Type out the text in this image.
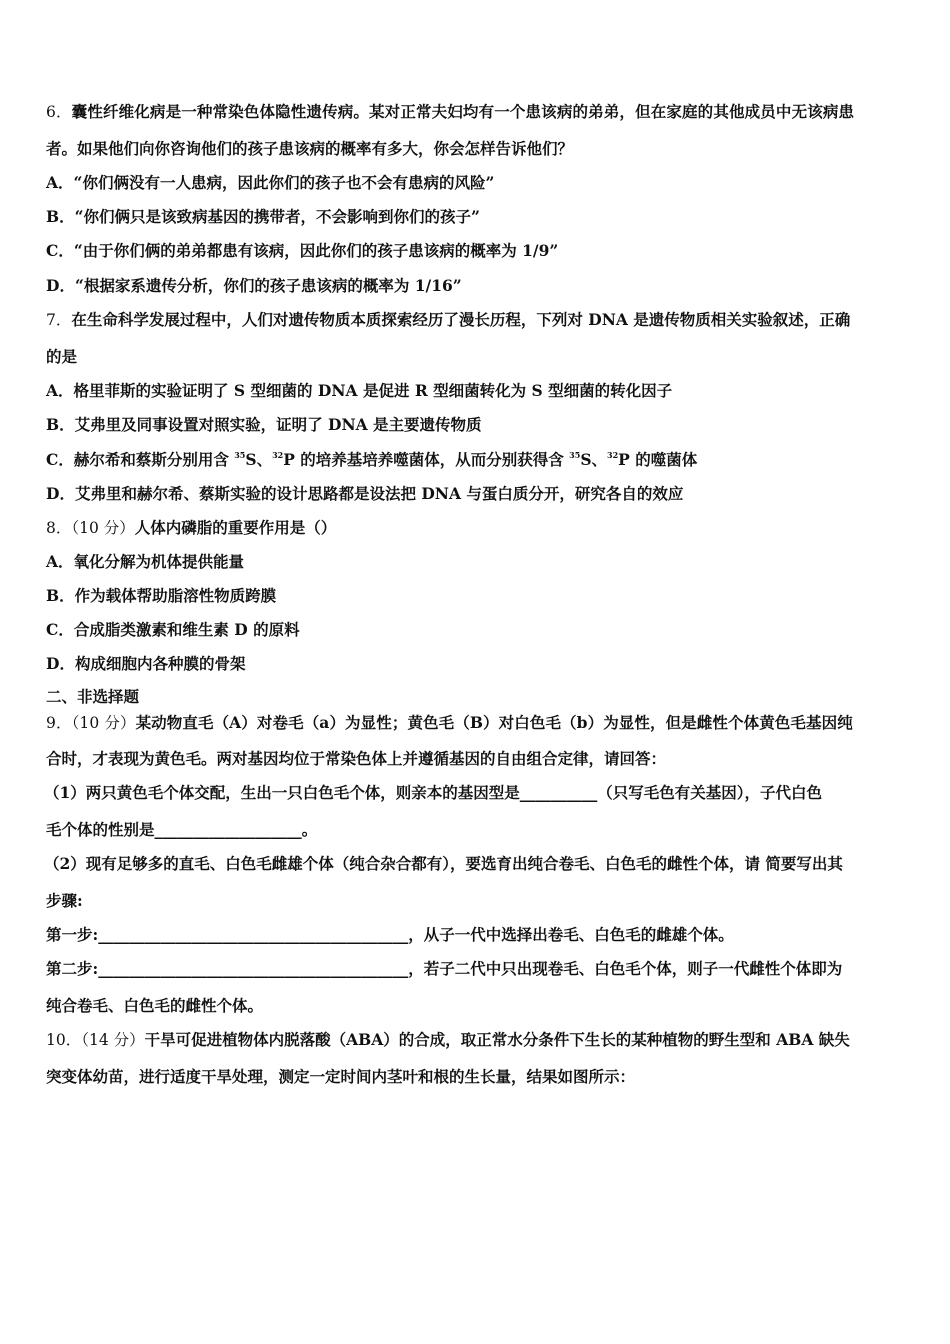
6．囊性纤维化病是一种常染色体隐性遗传病。某对正常夫妇均有一个患该病的弟弟，但在家庭的其他成员中无该病患
者。如果他们向你咨询他们的孩子患该病的概率有多大，你会怎样告诉他们？
A．“你们俩没有一人患病，因此你们的孩子也不会有患病的风险”
B．“你们俩只是该致病基因的携带者，不会影响到你们的孩子”
C．“由于你们俩的弟弟都患有该病，因此你们的孩子患该病的概率为 1/9”
D．“根据家系遗传分析，你们的孩子患该病的概率为 1/16”
7．在生命科学发展过程中，人们对遗传物质本质探索经历了漫长历程，下列对 DNA 是遗传物质相关实验叙述，正确
的是
A．格里菲斯的实验证明了 S 型细菌的 DNA 是促进 R 型细菌转化为 S 型细菌的转化因子
B．艾弗里及同事设置对照实验，证明了 DNA 是主要遗传物质
C．赫尔希和蔡斯分别用含 $^{35}$S、$^{32}$P 的培养基培养噬菌体，从而分别获得含 $^{35}$S、$^{32}$P 的噬菌体
D．艾弗里和赫尔希、蔡斯实验的设计思路都是设法把 DNA 与蛋白质分开，研究各自的效应
8．（10 分）人体内磷脂的重要作用是（）
A．氧化分解为机体提供能量
B．作为载体帮助脂溶性物质跨膜
C．合成脂类激素和维生素 D 的原料
D．构成细胞内各种膜的骨架
二、非选择题
9．（10 分）某动物直毛（A）对卷毛（a）为显性；黄色毛（B）对白色毛（b）为显性，但是雌性个体黄色毛基因纯
合时，才表现为黄色毛。两对基因均位于常染色体上并遵循基因的自由组合定律，请回答：
（1）两只黄色毛个体交配，生出一只白色毛个体，则亲本的基因型是__________（只写毛色有关基因），子代白色
毛个体的性别是___________________。
（2）现有足够多的直毛、白色毛雌雄个体（纯合杂合都有），要选育出纯合卷毛、白色毛的雌性个体，请 简要写出其
步骤:
第一步:________________________________________，从子一代中选择出卷毛、白色毛的雌雄个体。
第二步:________________________________________，若子二代中只出现卷毛、白色毛个体，则子一代雌性个体即为
纯合卷毛、白色毛的雌性个体。
10．（14 分）干旱可促进植物体内脱落酸（ABA）的合成，取正常水分条件下生长的某种植物的野生型和 ABA 缺失
突变体幼苗，进行适度干旱处理，测定一定时间内茎叶和根的生长量，结果如图所示：
